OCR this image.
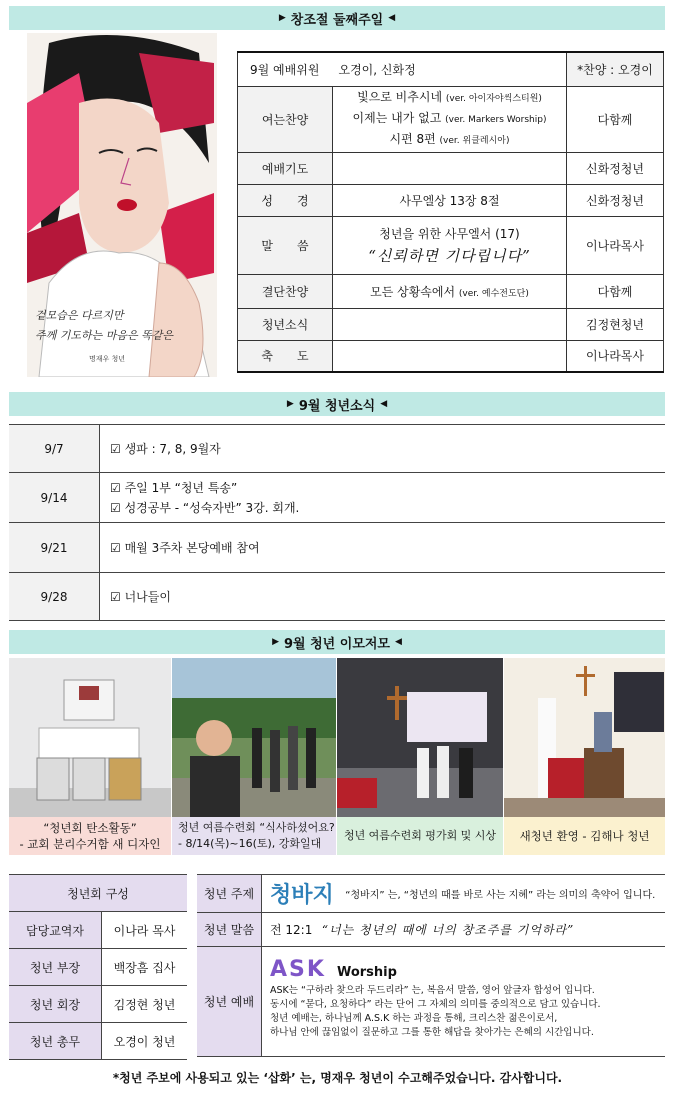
▶ 창조절 둘째주일 ◀
겉모습은 다르지만
주께 기도하는 마음은 똑같은
명재우 청년
9월 예배위원 오경이, 신화정		*찬양 : 오경이
여는찬양	빛으로 비추시네 (ver. 아이자야씩스티원)
이제는 내가 없고 (ver. Markers Worship)
시편 8편 (ver. 위클레시아)	다함께
예배기도		신화정청년
성　　경	사무엘상 13장 8절	신화정청년
말　　씀	청년을 위한 사무엘서 (17)
“신뢰하면 기다립니다”	이나라목사
결단찬양	모든 상황속에서 (ver. 예수전도단)	다함께
청년소식		김정현청년
축　　도		이나라목사
▶ 9월 청년소식 ◀
9/7	☑ 생파 : 7, 8, 9월자
9/14	☑ 주일 1부 “청년 특송”
☑ 성경공부 - “성숙자반” 3강. 회개.

9/21	☑ 매월 3주차 본당예배 참여
9/28	☑ 너나들이
▶ 9월 청년 이모저모 ◀
“청년회 탄소활동”
- 교회 분리수거함 새 디자인
청년 여름수련회 “식사하셨어요?
- 8/14(목)~16(토), 강화일대
청년 여름수련회 평가회 및 시상 새청년 환영 - 김해나 청년
청년회 구성	
담당교역자	이나라 목사
청년 부장	백장흠 집사
청년 회장	김정현 청년
청년 총무	오경이 청년
청년 주제	청바지 “청바지” 는, “청년의 때를 바로 사는 지혜” 라는 의미의 축약어 입니다.
청년 말씀	전 12:1 “너는 청년의 때에 너의 창조주를 기억하라”
청년 예배	ASK Worship
ASK는 “구하라 찾으라 두드리라” 는, 복음서 말씀, 영어 앞글자 합성어 입니다.
동시에 “묻다, 요청하다” 라는 단어 그 자체의 의미를 중의적으로 담고 있습니다.
청년 예배는, 하나님께 A.S.K 하는 과정을 통해, 크리스찬 젊은이로서,
하나님 안에 끊임없이 질문하고 그를 통한 해답을 찾아가는 은혜의 시간입니다.
*청년 주보에 사용되고 있는 ‘삽화’ 는, 명재우 청년이 수고해주었습니다. 감사합니다.
